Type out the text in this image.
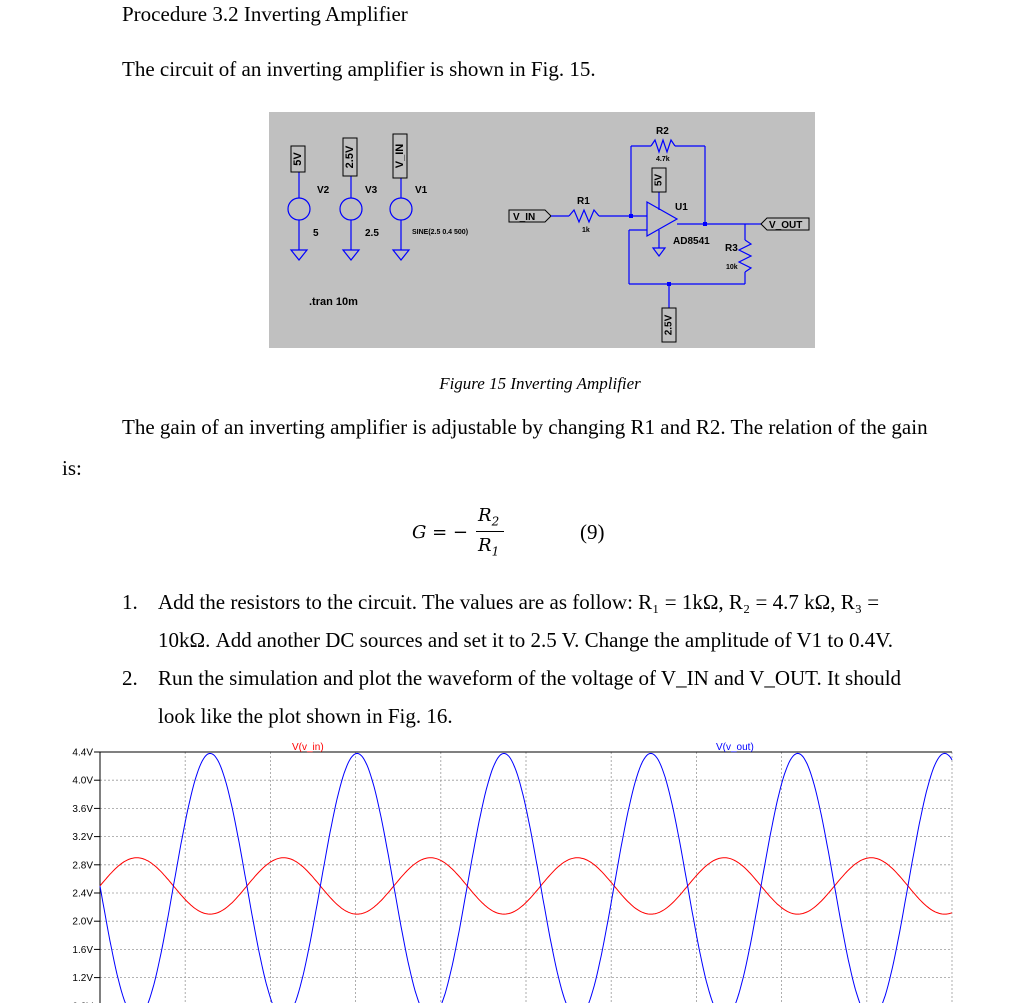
Procedure 3.2 Inverting Amplifier
The circuit of an inverting amplifier is shown in Fig. 15.
5V
V2
5
2.5V
V3
2.5
V_IN
V1
SINE(2.5 0.4 500)
.tran 10m
V_IN
R2
4.7k
R1
1k
U1
AD8541
R3
10k
5V
2.5V
V_OUT
Figure 15 Inverting Amplifier
The gain of an inverting amplifier is adjustable by changing R1 and R2. The relation of the gain
is:
G = −
$R_2$
$R_1$
(9)
1. Add the resistors to the circuit. The values are as follow: R₁ = 1kΩ, R₂ = 4.7 kΩ, R₃ =
10kΩ. Add another DC sources and set it to 2.5 V. Change the amplitude of V1 to 0.4V.
2. Run the simulation and plot the waveform of the voltage of V_IN and V_OUT. It should
look like the plot shown in Fig. 16.
4.4V
4.0V
3.6V
3.2V
2.8V
2.4V
2.0V
1.6V
1.2V
V(v_in)	V(v_out)
